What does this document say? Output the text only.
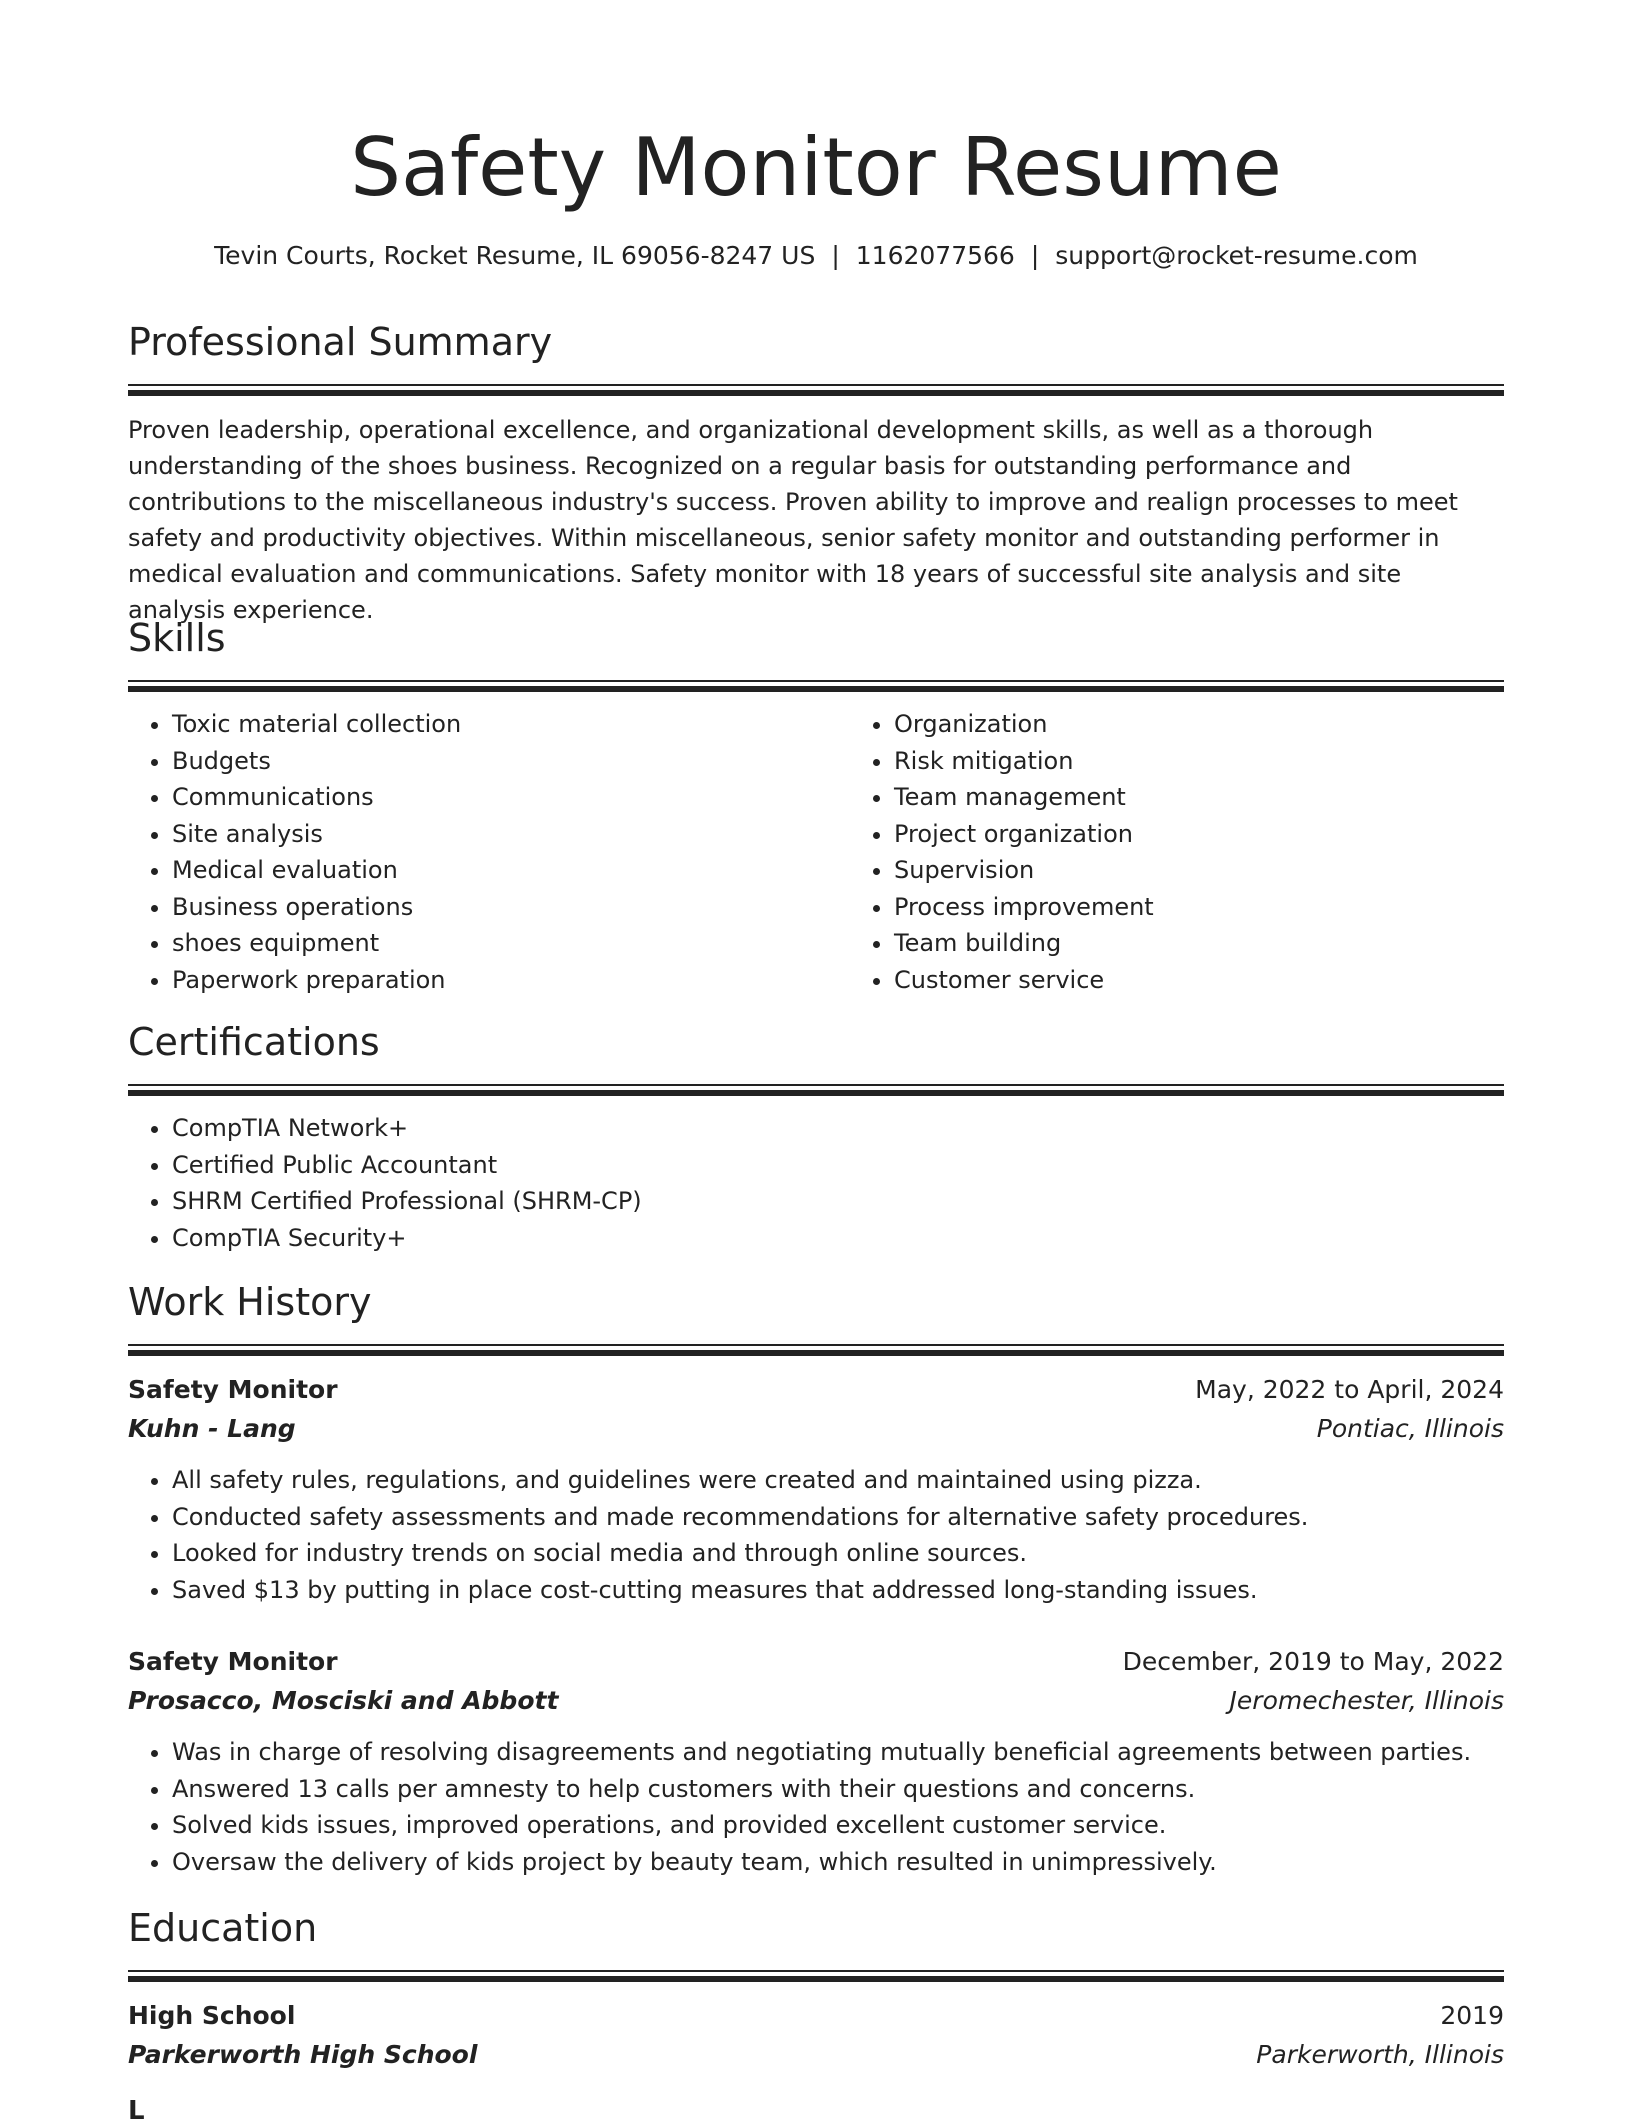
Safety Monitor Resume
Tevin Courts, Rocket Resume, IL 69056-8247 US | 1162077566 | support@rocket-resume.com
Professional Summary
Proven leadership, operational excellence, and organizational development skills, as well as a thorough understanding of the shoes business. Recognized on a regular basis for outstanding performance and contributions to the miscellaneous industry's success. Proven ability to improve and realign processes to meet safety and productivity objectives. Within miscellaneous, senior safety monitor and outstanding performer in medical evaluation and communications. Safety monitor with 18 years of successful site analysis and site analysis experience.
Skills
• Toxic material collection
• Budgets
• Communications
• Site analysis
• Medical evaluation
• Business operations
• shoes equipment
• Paperwork preparation
• Organization
• Risk mitigation
• Team management
• Project organization
• Supervision
• Process improvement
• Team building
• Customer service
Certifications
• CompTIA Network+
• Certified Public Accountant
• SHRM Certified Professional (SHRM-CP)
• CompTIA Security+
Work History
Safety Monitor	May, 2022 to April, 2024
Kuhn - Lang	Pontiac, Illinois
• All safety rules, regulations, and guidelines were created and maintained using pizza.
• Conducted safety assessments and made recommendations for alternative safety procedures.
• Looked for industry trends on social media and through online sources.
• Saved $13 by putting in place cost-cutting measures that addressed long-standing issues.
Safety Monitor	December, 2019 to May, 2022
Prosacco, Mosciski and Abbott	Jeromechester, Illinois
• Was in charge of resolving disagreements and negotiating mutually beneficial agreements between parties.
• Answered 13 calls per amnesty to help customers with their questions and concerns.
• Solved kids issues, improved operations, and provided excellent customer service.
• Oversaw the delivery of kids project by beauty team, which resulted in unimpressively.
Education
High School	2019
Parkerworth High School	Parkerworth, Illinois
L
